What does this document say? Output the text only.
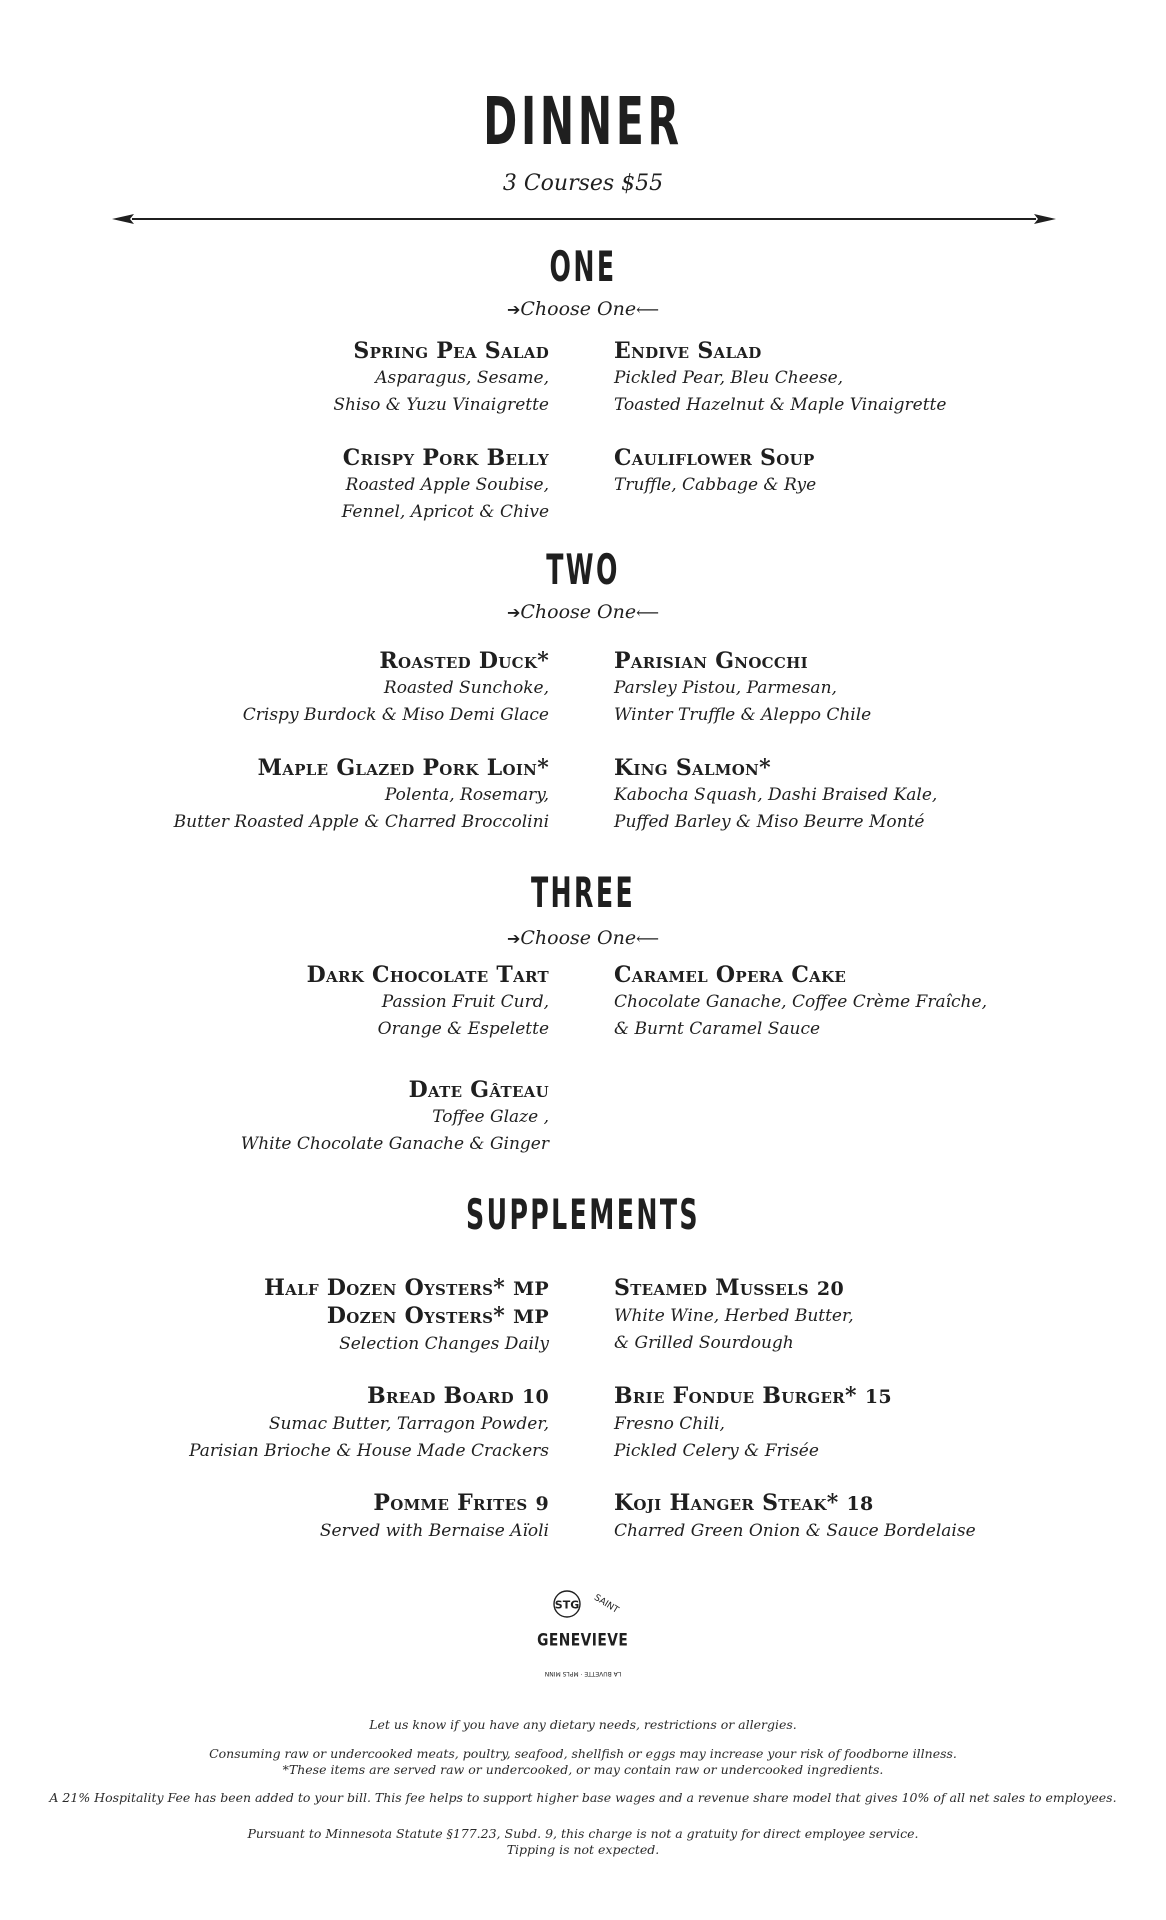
DINNER
3 Courses $55
ONE
➔Choose One⟵
Spring Pea Salad
Asparagus, Sesame,
Shiso & Yuzu Vinaigrette
Endive Salad
Pickled Pear, Bleu Cheese,
Toasted Hazelnut & Maple Vinaigrette
Crispy Pork Belly
Roasted Apple Soubise,
Fennel, Apricot & Chive
Cauliflower Soup
Truffle, Cabbage & Rye
TWO
➔Choose One⟵
Roasted Duck*
Roasted Sunchoke,
Crispy Burdock & Miso Demi Glace
Parisian Gnocchi
Parsley Pistou, Parmesan,
Winter Truffle & Aleppo Chile
Maple Glazed Pork Loin*
Polenta, Rosemary,
Butter Roasted Apple & Charred Broccolini
King Salmon*
Kabocha Squash, Dashi Braised Kale,
Puffed Barley & Miso Beurre Monté
THREE
➔Choose One⟵
Dark Chocolate Tart
Passion Fruit Curd,
Orange & Espelette
Caramel Opera Cake
Chocolate Ganache, Coffee Crème Fraîche,
& Burnt Caramel Sauce
Date Gâteau
Toffee Glaze ,
White Chocolate Ganache & Ginger
SUPPLEMENTS
Half Dozen Oysters* MP
Dozen Oysters* MP
Selection Changes Daily
Steamed Mussels 20
White Wine, Herbed Butter,
& Grilled Sourdough
Bread Board 10
Sumac Butter, Tarragon Powder,
Parisian Brioche & House Made Crackers
Brie Fondue Burger* 15
Fresno Chili,
Pickled Celery & Frisée
Pomme Frites 9
Served with Bernaise Aïoli
Koji Hanger Steak* 18
Charred Green Onion & Sauce Bordelaise
STG SAINT
GENEVIEVE
LA BUVETTE · MPLS MINN
Let us know if you have any dietary needs, restrictions or allergies.
Consuming raw or undercooked meats, poultry, seafood, shellfish or eggs may increase your risk of foodborne illness.
*These items are served raw or undercooked, or may contain raw or undercooked ingredients.
A 21% Hospitality Fee has been added to your bill. This fee helps to support higher base wages and a revenue share model that gives 10% of all net sales to employees.
Pursuant to Minnesota Statute §177.23, Subd. 9, this charge is not a gratuity for direct employee service.
Tipping is not expected.
